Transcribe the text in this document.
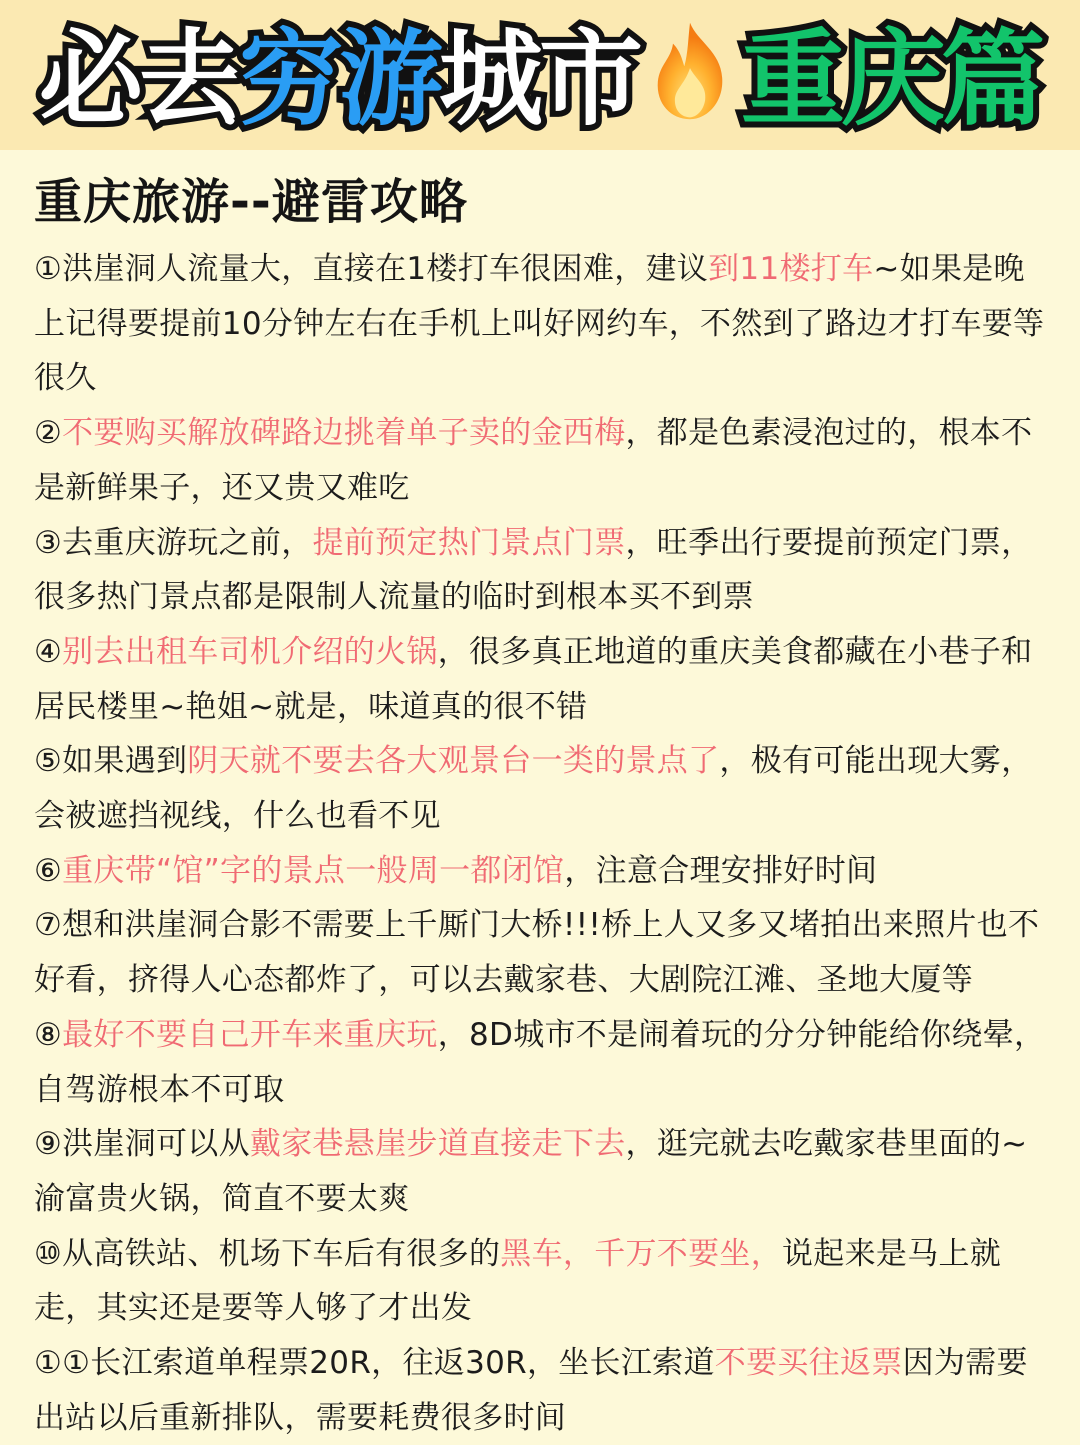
必去穷游城市 重庆篇
重庆旅游--避雷攻略

①洪崖洞人流量大，直接在1楼打车很困难，建议到11楼打车~如果是晚上记得要提前10分钟左右在手机上叫好网约车，不然到了路边才打车要等很久

②不要购买解放碑路边挑着单子卖的金西梅，都是色素浸泡过的，根本不是新鲜果子，还又贵又难吃

③去重庆游玩之前，提前预定热门景点门票，旺季出行要提前预定门票，很多热门景点都是限制人流量的临时到根本买不到票

④别去出租车司机介绍的火锅，很多真正地道的重庆美食都藏在小巷子和居民楼里~艳姐~就是，味道真的很不错

⑤如果遇到阴天就不要去各大观景台一类的景点了，极有可能出现大雾，会被遮挡视线，什么也看不见

⑥重庆带“馆”字的景点一般周一都闭馆，注意合理安排好时间

⑦想和洪崖洞合影不需要上千厮门大桥!!!桥上人又多又堵拍出来照片也不好看，挤得人心态都炸了，可以去戴家巷、大剧院江滩、圣地大厦等

⑧最好不要自己开车来重庆玩，8D城市不是闹着玩的分分钟能给你绕晕，自驾游根本不可取

⑨洪崖洞可以从戴家巷悬崖步道直接走下去，逛完就去吃戴家巷里面的~渝富贵火锅，简直不要太爽

⑩从高铁站、机场下车后有很多的黑车，千万不要坐，说起来是马上就走，其实还是要等人够了才出发

①①长江索道单程票20R，往返30R，坐长江索道不要买往返票因为需要出站以后重新排队，需要耗费很多时间
